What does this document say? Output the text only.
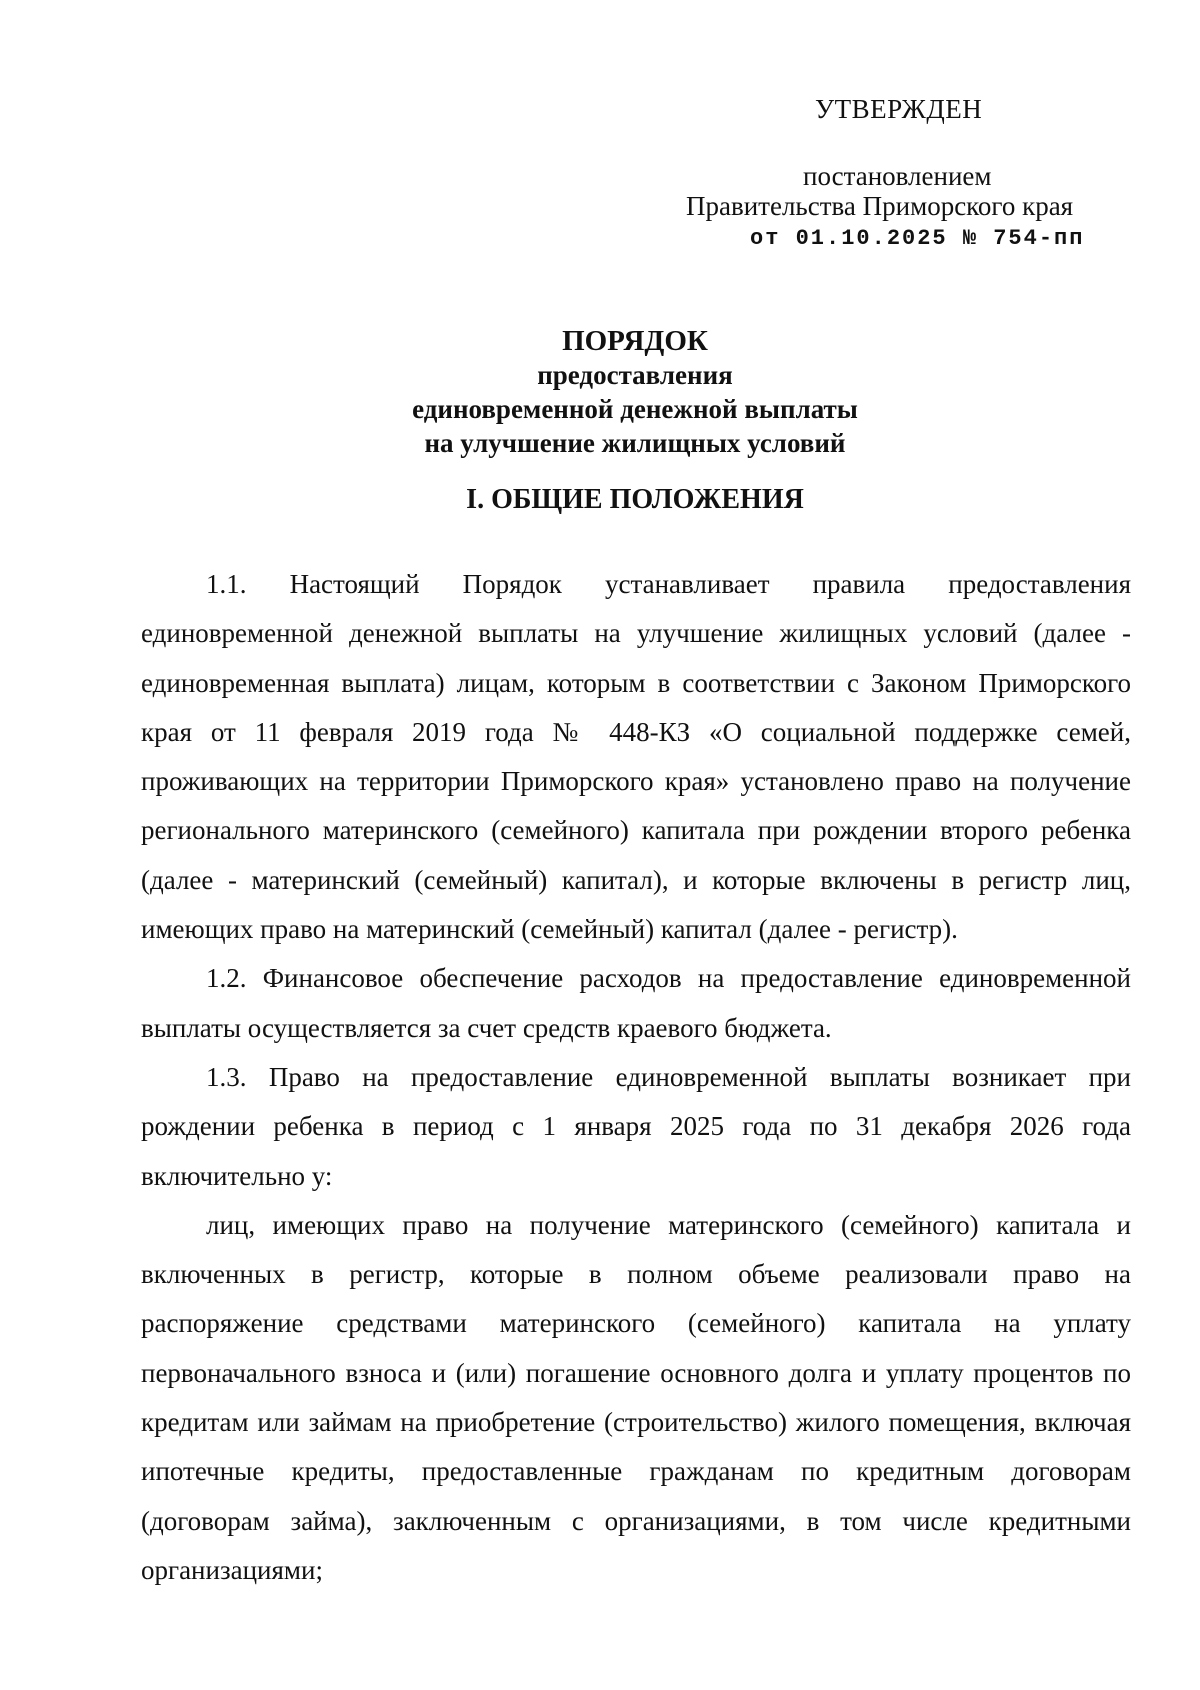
УТВЕРЖДЕН
постановлением
Правительства Приморского края
от 01.10.2025 № 754-пп
ПОРЯДОК
предоставления
единовременной денежной выплаты
на улучшение жилищных условий
I. ОБЩИЕ ПОЛОЖЕНИЯ

1.1. Настоящий Порядок устанавливает правила предоставления единовременной денежной выплаты на улучшение жилищных условий (далее - единовременная выплата) лицам, которым в соответствии с Законом Приморского края от 11 февраля 2019 года № 448-КЗ «О социальной поддержке семей, проживающих на территории Приморского края» установлено право на получение регионального материнского (семейного) капитала при рождении второго ребенка (далее - материнский (семейный) капитал), и которые включены в регистр лиц, имеющих право на материнский (семейный) капитал (далее - регистр).

1.2. Финансовое обеспечение расходов на предоставление единовременной выплаты осуществляется за счет средств краевого бюджета.

1.3. Право на предоставление единовременной выплаты возникает при рождении ребенка в период с 1 января 2025 года по 31 декабря 2026 года включительно у:

лиц, имеющих право на получение материнского (семейного) капитала и включенных в регистр, которые в полном объеме реализовали право на распоряжение средствами материнского (семейного) капитала на уплату первоначального взноса и (или) погашение основного долга и уплату процентов по кредитам или займам на приобретение (строительство) жилого помещения, включая ипотечные кредиты, предоставленные гражданам по кредитным договорам (договорам займа), заключенным с организациями, в том числе кредитными организациями;
